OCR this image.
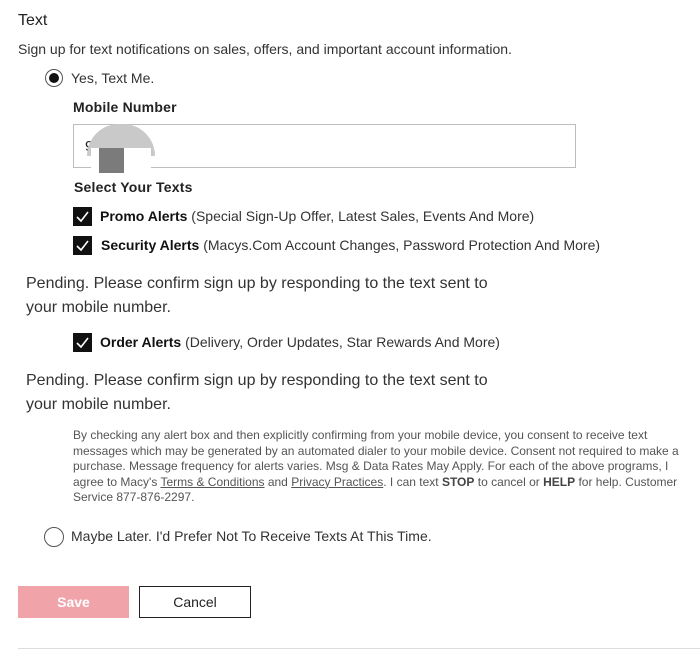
Text
Sign up for text notifications on sales, offers, and important account information.
Yes, Text Me.
Mobile Number
9 111
Select Your Texts
Promo Alerts (Special Sign-Up Offer, Latest Sales, Events And More)
Security Alerts (Macys.Com Account Changes, Password Protection And More)
Pending. Please confirm sign up by responding to the text sent to
your mobile number.
Order Alerts (Delivery, Order Updates, Star Rewards And More)
Pending. Please confirm sign up by responding to the text sent to
your mobile number.
By checking any alert box and then explicitly confirming from your mobile device, you consent to receive text messages which may be generated by an automated dialer to your mobile device. Consent not required to make a purchase. Message frequency for alerts varies. Msg & Data Rates May Apply. For each of the above programs, I agree to Macy's Terms & Conditions and Privacy Practices. I can text STOP to cancel or HELP for help. Customer Service 877-876-2297.
Maybe Later. I'd Prefer Not To Receive Texts At This Time.
Save	Cancel
